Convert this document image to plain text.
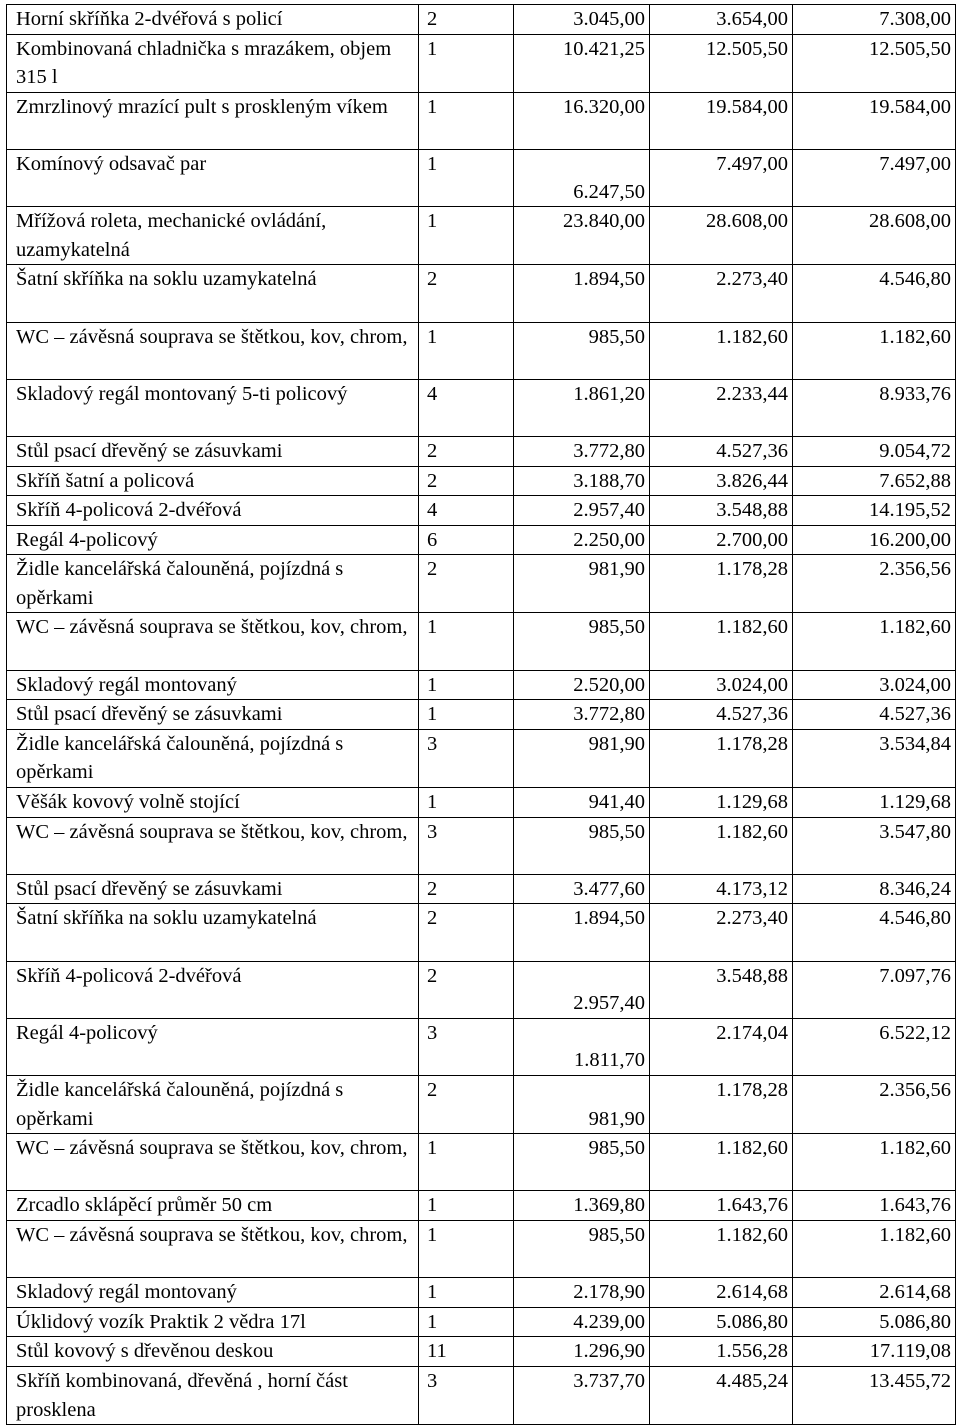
Horní skříňka 2-dvéřová s policí	2	3.045,00	3.654,00	7.308,00
Kombinovaná chladnička s mrazákem, objem 315 l	1	10.421,25	12.505,50	12.505,50
Zmrzlinový mrazící pult s proskleným víkem	1	16.320,00	19.584,00	19.584,00
Komínový odsavač par	1	6.247,50	7.497,00	7.497,00
Mřížová roleta, mechanické ovládání, uzamykatelná	1	23.840,00	28.608,00	28.608,00
Šatní skříňka na soklu uzamykatelná	2	1.894,50	2.273,40	4.546,80
WC – závěsná souprava se štětkou, kov, chrom,	1	985,50	1.182,60	1.182,60
Skladový regál montovaný 5-ti policový	4	1.861,20	2.233,44	8.933,76
Stůl psací dřevěný se zásuvkami	2	3.772,80	4.527,36	9.054,72
Skříň šatní a policová	2	3.188,70	3.826,44	7.652,88
Skříň 4-policová 2-dvéřová	4	2.957,40	3.548,88	14.195,52
Regál 4-policový	6	2.250,00	2.700,00	16.200,00
Židle kancelářská čalouněná, pojízdná s opěrkami	2	981,90	1.178,28	2.356,56
WC – závěsná souprava se štětkou, kov, chrom,	1	985,50	1.182,60	1.182,60
Skladový regál montovaný	1	2.520,00	3.024,00	3.024,00
Stůl psací dřevěný se zásuvkami	1	3.772,80	4.527,36	4.527,36
Židle kancelářská čalouněná, pojízdná s opěrkami	3	981,90	1.178,28	3.534,84
Věšák kovový volně stojící	1	941,40	1.129,68	1.129,68
WC – závěsná souprava se štětkou, kov, chrom,	3	985,50	1.182,60	3.547,80
Stůl psací dřevěný se zásuvkami	2	3.477,60	4.173,12	8.346,24
Šatní skříňka na soklu uzamykatelná	2	1.894,50	2.273,40	4.546,80
Skříň 4-policová 2-dvéřová	2	2.957,40	3.548,88	7.097,76
Regál 4-policový	3	1.811,70	2.174,04	6.522,12
Židle kancelářská čalouněná, pojízdná s opěrkami	2	981,90	1.178,28	2.356,56
WC – závěsná souprava se štětkou, kov, chrom,	1	985,50	1.182,60	1.182,60
Zrcadlo sklápěcí průměr 50 cm	1	1.369,80	1.643,76	1.643,76
WC – závěsná souprava se štětkou, kov, chrom,	1	985,50	1.182,60	1.182,60
Skladový regál montovaný	1	2.178,90	2.614,68	2.614,68
Úklidový vozík Praktik 2 vědra 17l	1	4.239,00	5.086,80	5.086,80
Stůl kovový s dřevěnou deskou	11	1.296,90	1.556,28	17.119,08
Skříň kombinovaná, dřevěná , horní část prosklena	3	3.737,70	4.485,24	13.455,72
